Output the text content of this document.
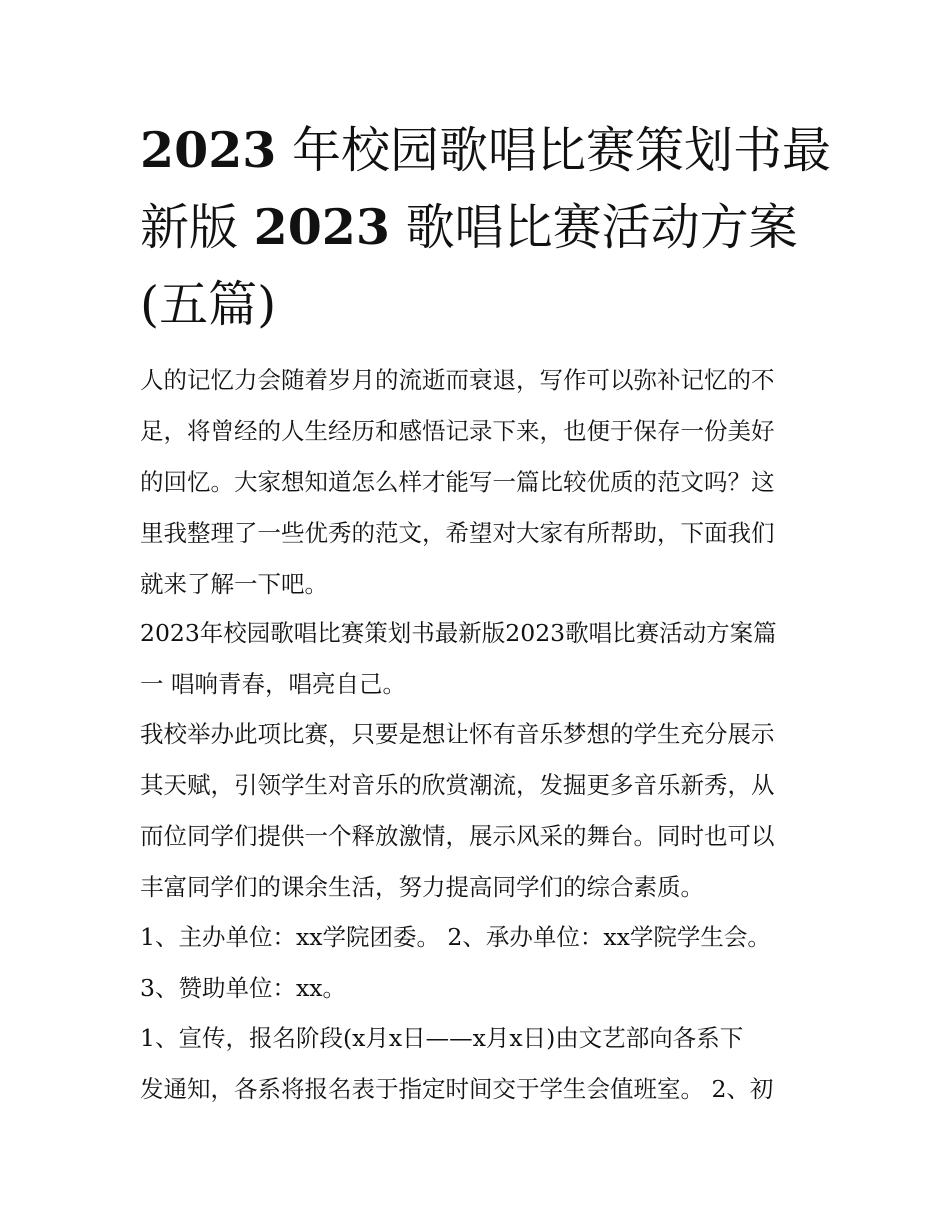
2023 年校园歌唱比赛策划书最
新版 2023 歌唱比赛活动方案
(五篇)

人的记忆力会随着岁月的流逝而衰退，写作可以弥补记忆的不
足，将曾经的人生经历和感悟记录下来，也便于保存一份美好
的回忆。大家想知道怎么样才能写一篇比较优质的范文吗？这
里我整理了一些优秀的范文，希望对大家有所帮助，下面我们
就来了解一下吧。

2023年校园歌唱比赛策划书最新版2023歌唱比赛活动方案篇
一 唱响青春，唱亮自己。

我校举办此项比赛，只要是想让怀有音乐梦想的学生充分展示
其天赋，引领学生对音乐的欣赏潮流，发掘更多音乐新秀，从
而位同学们提供一个释放激情，展示风采的舞台。同时也可以
丰富同学们的课余生活，努力提高同学们的综合素质。

1、主办单位：xx学院团委。 2、承办单位：xx学院学生会。
3、赞助单位：xx。

1、宣传，报名阶段(x月x日——x月x日)由文艺部向各系下
发通知，各系将报名表于指定时间交于学生会值班室。 2、初
